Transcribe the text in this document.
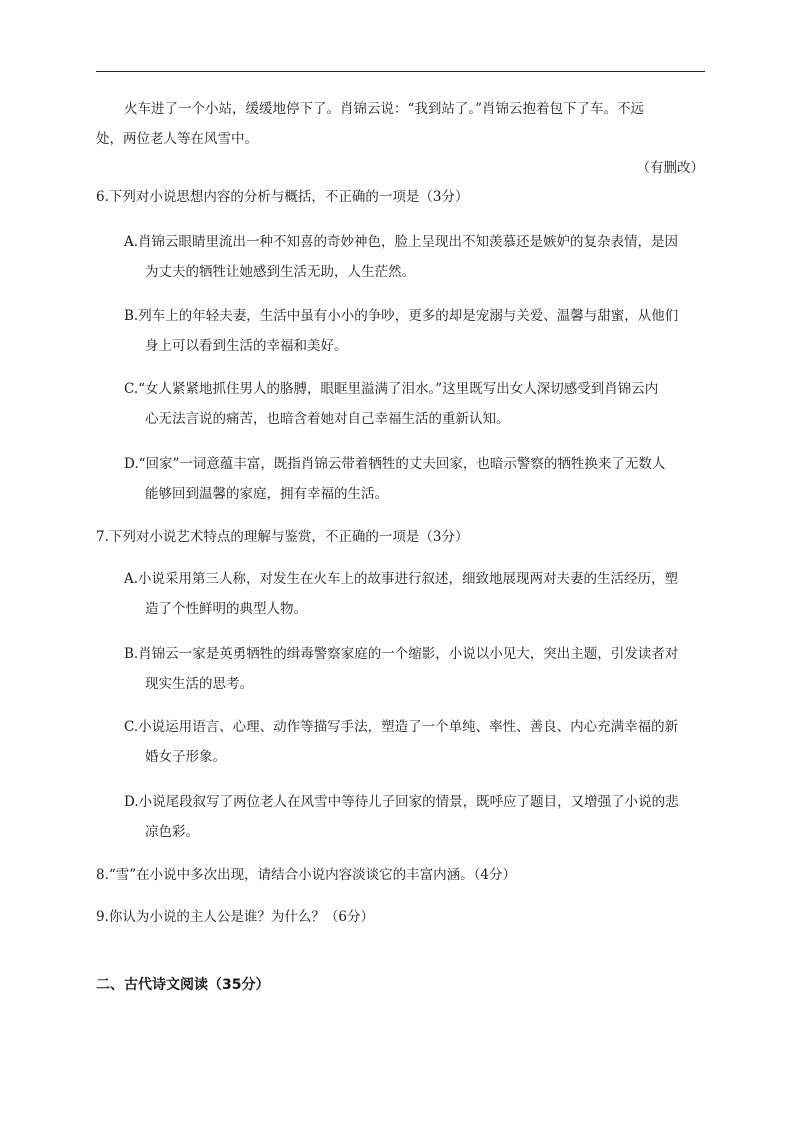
火车进了一个小站，缓缓地停下了。肖锦云说：“我到站了。”肖锦云抱着包下了车。不远
处，两位老人等在风雪中。
（有删改）
6.下列对小说思想内容的分析与概括，不正确的一项是（3分）
A.肖锦云眼睛里流出一种不知喜的奇妙神色，脸上呈现出不知羡慕还是嫉妒的复杂表情，是因
为丈夫的牺牲让她感到生活无助，人生茫然。
B.列车上的年轻夫妻，生活中虽有小小的争吵，更多的却是宠溺与关爱、温馨与甜蜜，从他们
身上可以看到生活的幸福和美好。
C.“女人紧紧地抓住男人的胳膊，眼眶里溢满了泪水。”这里既写出女人深切感受到肖锦云内
心无法言说的痛苦，也暗含着她对自己幸福生活的重新认知。
D.“回家”一词意蕴丰富，既指肖锦云带着牺牲的丈夫回家，也暗示警察的牺牲换来了无数人
能够回到温馨的家庭，拥有幸福的生活。
7.下列对小说艺术特点的理解与鉴赏，不正确的一项是（3分）
A.小说采用第三人称，对发生在火车上的故事进行叙述，细致地展现两对夫妻的生活经历，塑
造了个性鲜明的典型人物。
B.肖锦云一家是英勇牺牲的缉毒警察家庭的一个缩影，小说以小见大，突出主题，引发读者对
现实生活的思考。
C.小说运用语言、心理、动作等描写手法，塑造了一个单纯、率性、善良、内心充满幸福的新
婚女子形象。
D.小说尾段叙写了两位老人在风雪中等待儿子回家的情景，既呼应了题目，又增强了小说的悲
凉色彩。
8.“雪”在小说中多次出现，请结合小说内容淡谈它的丰富内涵。（4分）
9.你认为小说的主人公是谁？为什么？（6分）
二、古代诗文阅读（35分）
